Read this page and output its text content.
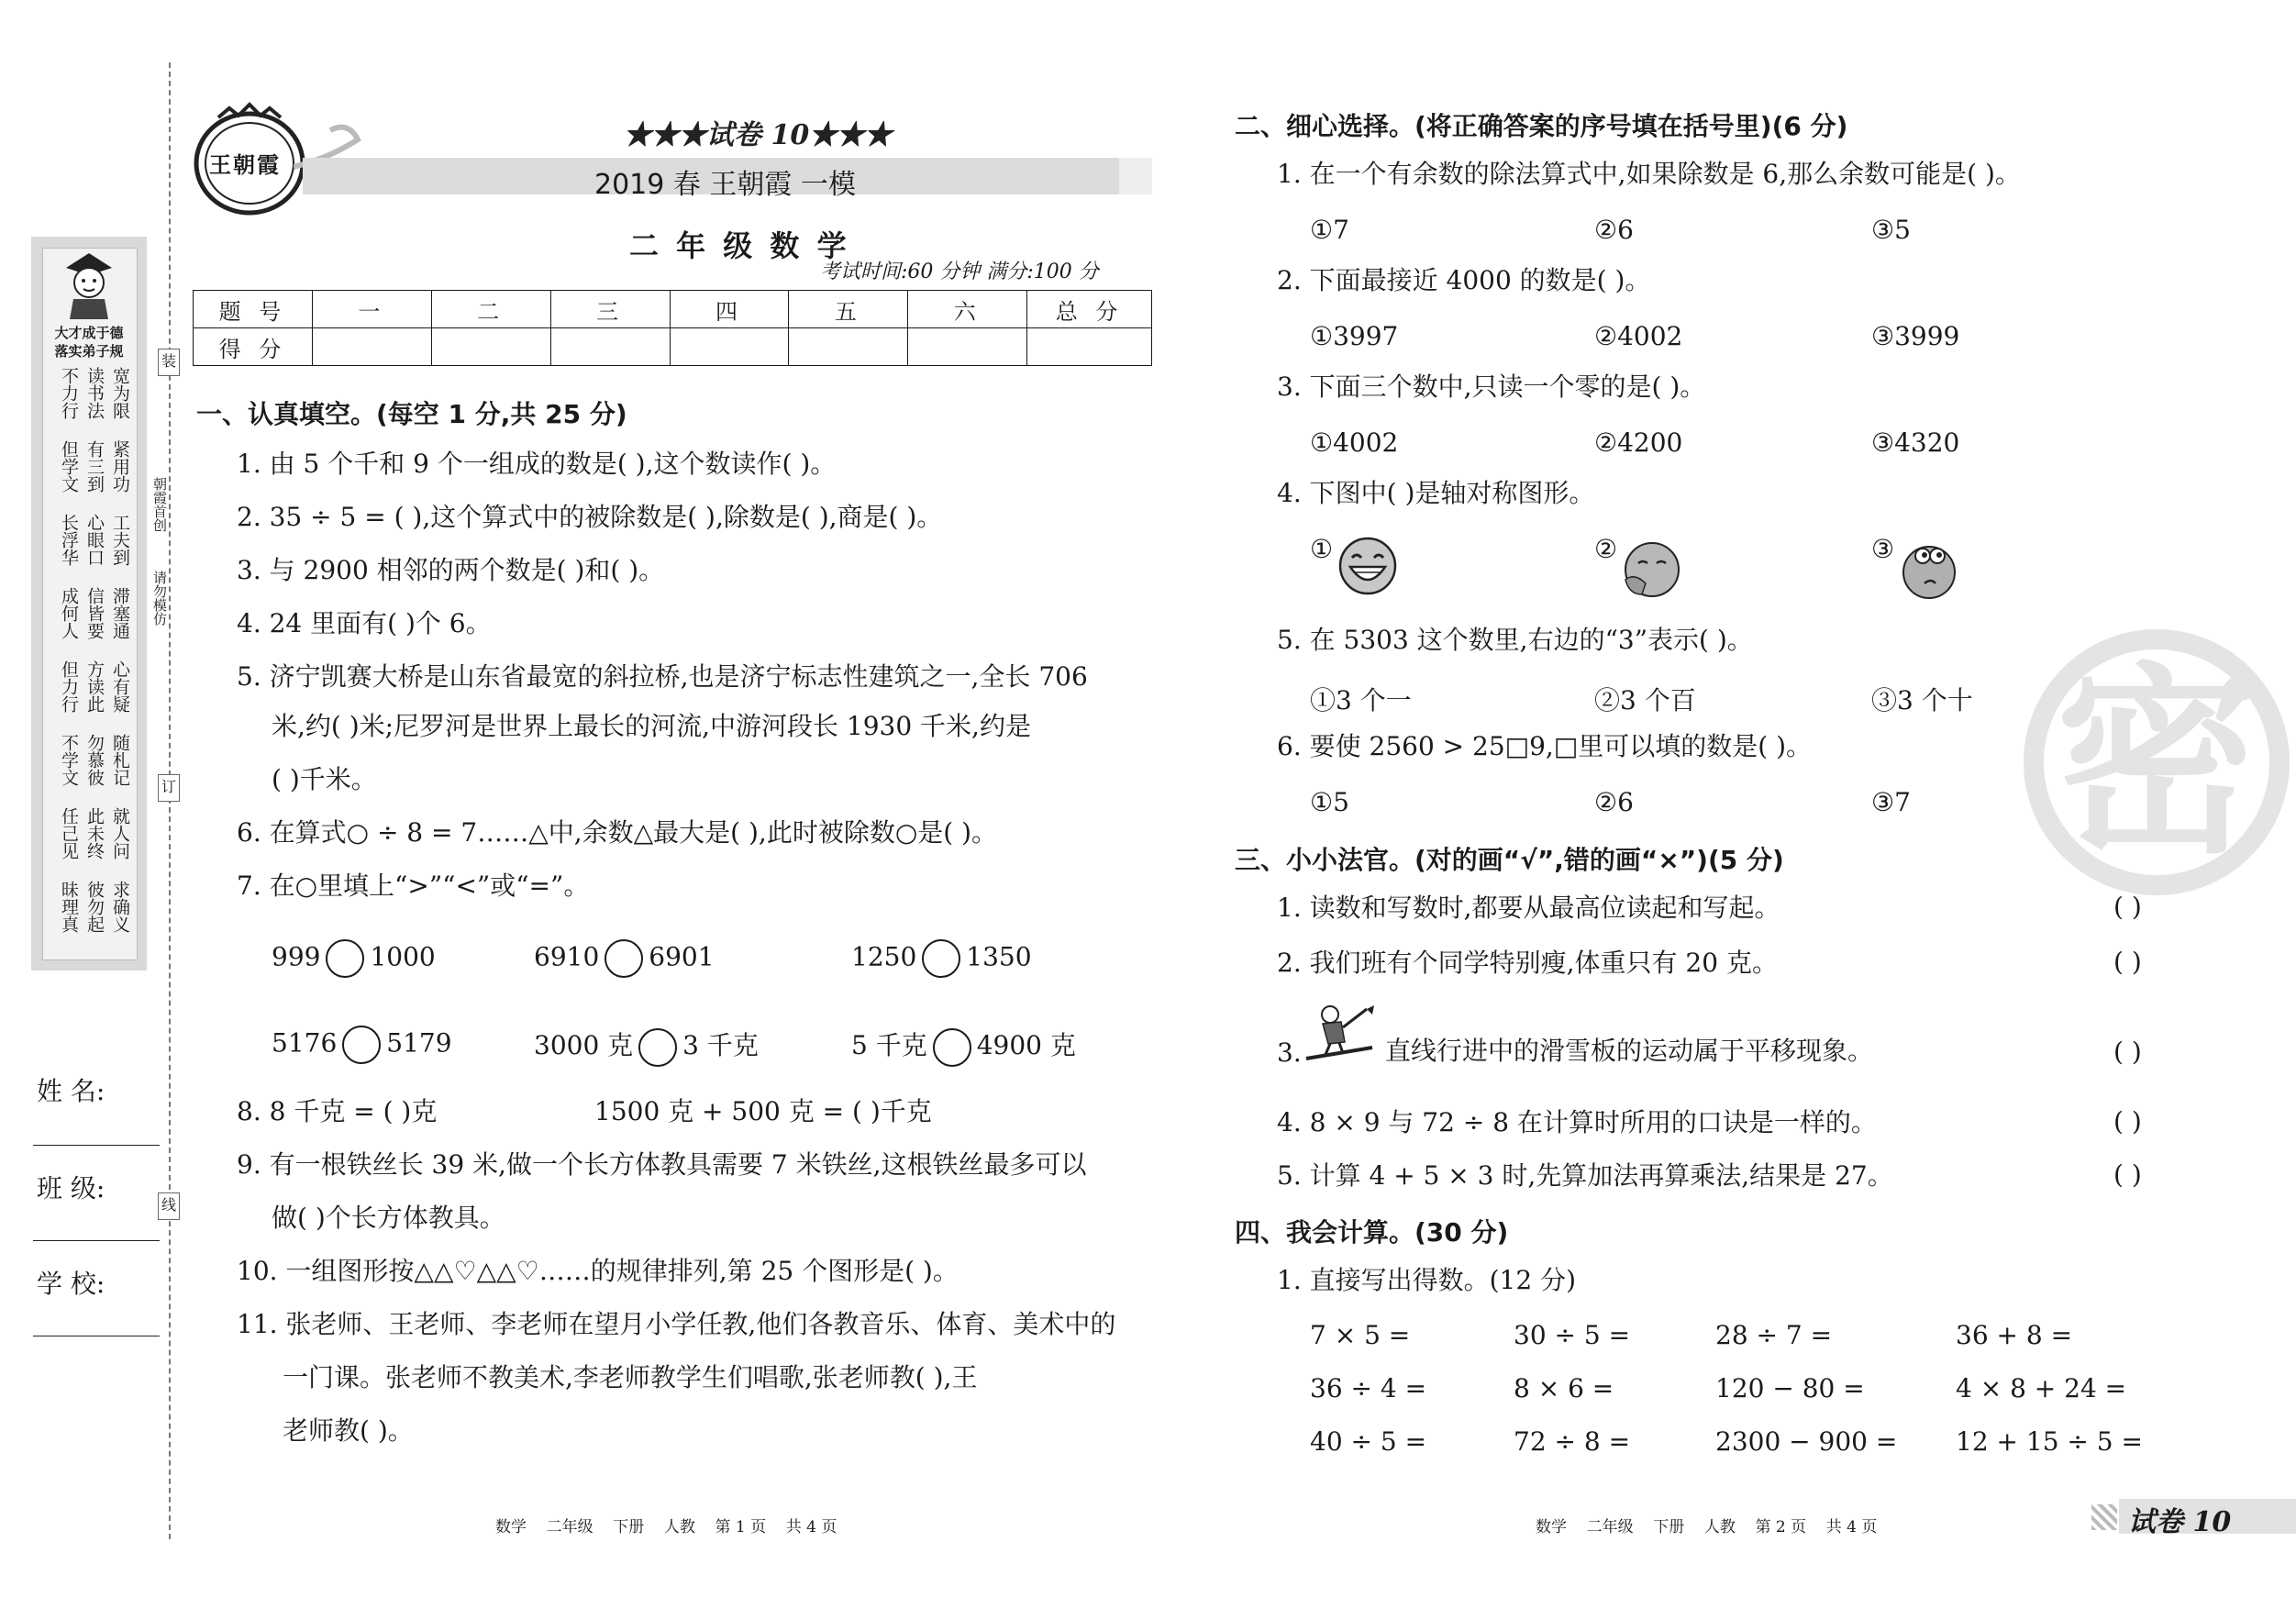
大才成于德
落实弟子规
宽为限
读书法
不力行
紧用功
有三到
但学文
工夫到
心眼口
长浮华
滞塞通
信皆要
成何人
心有疑
方读此
但力行
随札记
勿慕彼
不学文
就人问
此未终
任己见
求确义
彼勿起
昧理真
姓 名:
班 级:
学 校:
装
订
线
朝霞首创
请勿模仿
王朝霞
★★★试卷 10★★★
2019 春 王朝霞 一模
二 年 级 数 学
考试时间:60 分钟 满分:100 分
题 号	一	二	三	四	五	六	总 分
得 分							
一、认真填空。(每空 1 分,共 25 分)
1. 由 5 个千和 9 个一组成的数是( ),这个数读作( )。
2. 35 ÷ 5 = ( ),这个算式中的被除数是( ),除数是( ),商是( )。
3. 与 2900 相邻的两个数是( )和( )。
4. 24 里面有( )个 6。
5. 济宁凯赛大桥是山东省最宽的斜拉桥,也是济宁标志性建筑之一,全长 706
米,约( )米;尼罗河是世界上最长的河流,中游河段长 1930 千米,约是
( )千米。
6. 在算式○ ÷ 8 = 7……△中,余数△最大是( ),此时被除数○是( )。
7. 在○里填上“>”“<”或“=”。
999 1000	6910 6901	1250 1350
5176 5179	3000 克 3 千克	5 千克 4900 克
8. 8 千克 = ( )克	1500 克 + 500 克 = ( )千克
9. 有一根铁丝长 39 米,做一个长方体教具需要 7 米铁丝,这根铁丝最多可以
做( )个长方体教具。
10. 一组图形按△△♡△△♡……的规律排列,第 25 个图形是( )。
11. 张老师、王老师、李老师在望月小学任教,他们各教音乐、体育、美术中的
一门课。张老师不教美术,李老师教学生们唱歌,张老师教( ),王
老师教( )。
数学    二年级    下册    人教    第 1 页    共 4 页
二、细心选择。(将正确答案的序号填在括号里)(6 分)
1. 在一个有余数的除法算式中,如果除数是 6,那么余数可能是( )。
①7	②6	③5
2. 下面最接近 4000 的数是( )。
①3997	②4002	③3999
3. 下面三个数中,只读一个零的是( )。
①4002	②4200	③4320
4. 下图中( )是轴对称图形。
①	②	③
5. 在 5303 这个数里,右边的“3”表示( )。
①3 个一	②3 个百	③3 个十
6. 要使 2560 > 25□9,□里可以填的数是( )。
①5	②6	③7
三、小小法官。(对的画“√”,错的画“×”)(5 分)
1. 读数和写数时,都要从最高位读起和写起。	( )
2. 我们班有个同学特别瘦,体重只有 20 克。	( )
3.	直线行进中的滑雪板的运动属于平移现象。	( )
4. 8 × 9 与 72 ÷ 8 在计算时所用的口诀是一样的。	( )
5. 计算 4 + 5 × 3 时,先算加法再算乘法,结果是 27。	( )
四、我会计算。(30 分)
1. 直接写出得数。(12 分)
7 × 5 =	30 ÷ 5 =	28 ÷ 7 =	36 + 8 =
36 ÷ 4 =	8 × 6 =	120 − 80 =	4 × 8 + 24 =
40 ÷ 5 =	72 ÷ 8 =	2300 − 900 = 12 + 15 ÷ 5 =
数学    二年级    下册    人教    第 2 页    共 4 页	试卷 10
密
